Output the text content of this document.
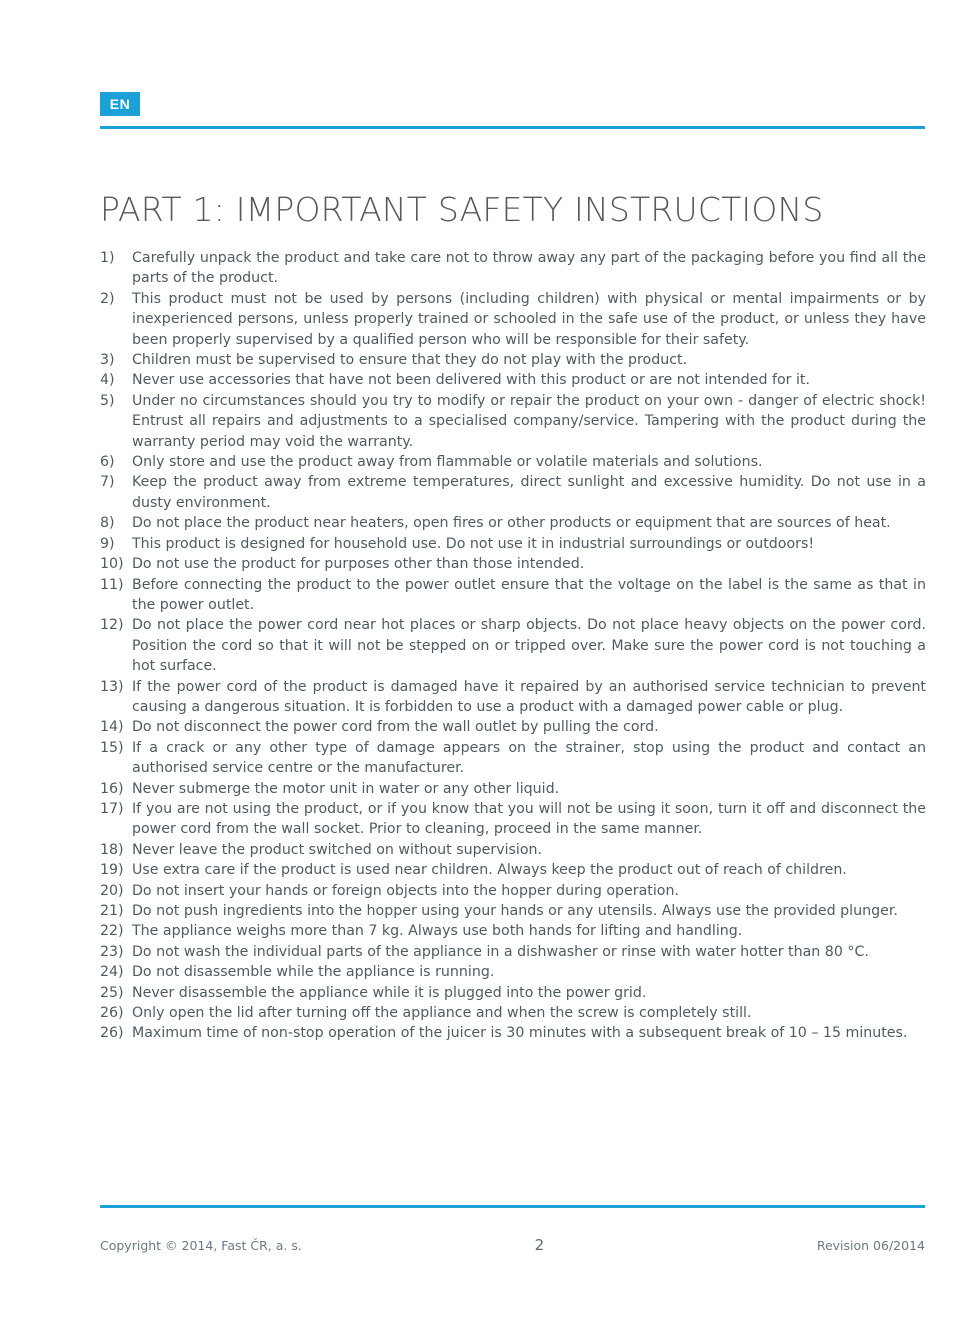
EN
PART 1: IMPORTANT SAFETY INSTRUCTIONS
1)	Carefully unpack the product and take care not to throw away any part of the packaging before you find all the parts of the product.
2)	This product must not be used by persons (including children) with physical or mental impairments or by inexperienced persons, unless properly trained or schooled in the safe use of the product, or unless they have been properly supervised by a qualified person who will be responsible for their safety.
3)	Children must be supervised to ensure that they do not play with the product.
4)	Never use accessories that have not been delivered with this product or are not intended for it.
5)	Under no circumstances should you try to modify or repair the product on your own - danger of electric shock! Entrust all repairs and adjustments to a specialised company/service. Tampering with the product during the warranty period may void the warranty.
6)	Only store and use the product away from flammable or volatile materials and solutions.
7)	Keep the product away from extreme temperatures, direct sunlight and excessive humidity. Do not use in a dusty environment.
8)	Do not place the product near heaters, open fires or other products or equipment that are sources of heat.
9)	This product is designed for household use. Do not use it in industrial surroundings or outdoors!
10) Do not use the product for purposes other than those intended.
11) Before connecting the product to the power outlet ensure that the voltage on the label is the same as that in the power outlet.
12) Do not place the power cord near hot places or sharp objects. Do not place heavy objects on the power cord. Position the cord so that it will not be stepped on or tripped over. Make sure the power cord is not touching a hot surface.
13) If the power cord of the product is damaged have it repaired by an authorised service technician to prevent causing a dangerous situation. It is forbidden to use a product with a damaged power cable or plug.
14) Do not disconnect the power cord from the wall outlet by pulling the cord.
15) If a crack or any other type of damage appears on the strainer, stop using the product and contact an authorised service centre or the manufacturer.
16) Never submerge the motor unit in water or any other liquid.
17) If you are not using the product, or if you know that you will not be using it soon, turn it off and disconnect the power cord from the wall socket. Prior to cleaning, proceed in the same manner.
18) Never leave the product switched on without supervision.
19) Use extra care if the product is used near children. Always keep the product out of reach of children.
20) Do not insert your hands or foreign objects into the hopper during operation.
21) Do not push ingredients into the hopper using your hands or any utensils. Always use the provided plunger.
22) The appliance weighs more than 7 kg. Always use both hands for lifting and handling.
23) Do not wash the individual parts of the appliance in a dishwasher or rinse with water hotter than 80 °C.
24) Do not disassemble while the appliance is running.
25) Never disassemble the appliance while it is plugged into the power grid.
26) Only open the lid after turning off the appliance and when the screw is completely still.
26) Maximum time of non-stop operation of the juicer is 30 minutes with a subsequent break of 10 – 15 minutes.
Copyright © 2014, Fast ČR, a. s.	2	Revision 06/2014
